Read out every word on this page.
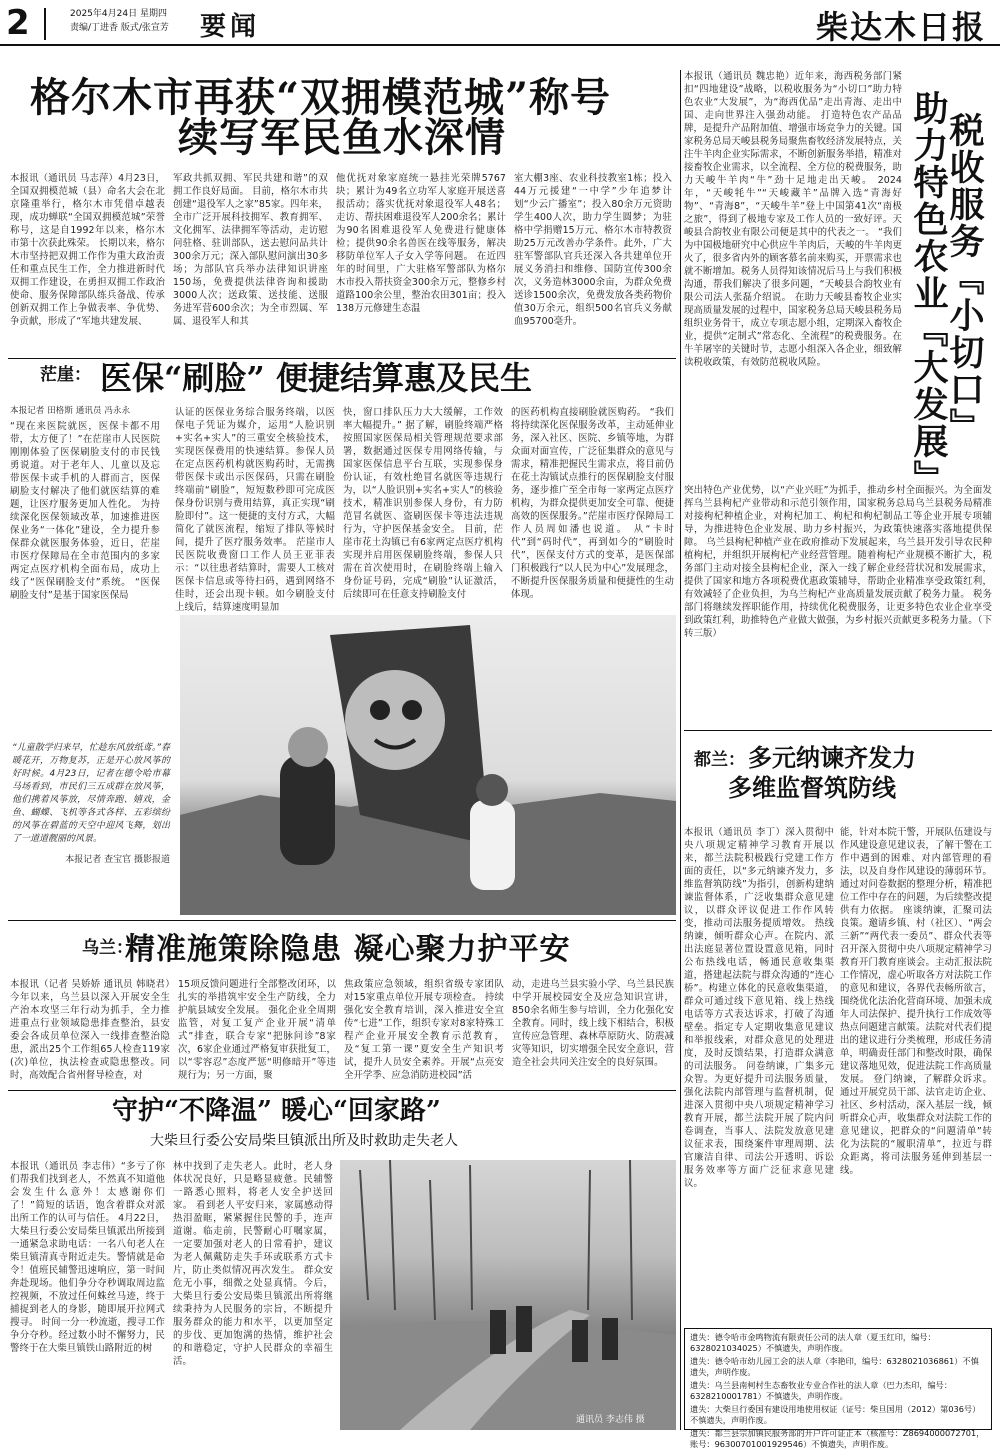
2	2025年4月24日 星期四
责编/丁进香 版式/张宣芳 要闻	柴达木日报
格尔木市再获“双拥模范城”称号
续写军民鱼水深情
本报讯（通讯员 马志萍）4月23日，全国双拥模范城（县）命名大会在北京隆重举行，格尔木市凭借卓越表现，成功蝉联“全国双拥模范城”荣誉称号，这是自1992年以来，格尔木市第十次获此殊荣。 长期以来，格尔木市坚持把双拥工作作为重大政治责任和重点民生工作，全力推进新时代双拥工作建设，在勇担双拥工作政治使命、服务保障部队练兵备战、传承创新双拥工作上争做表率、争优势、争贡献，形成了“军地共建发展、
军政共抓双拥、军民共建和谐”的双拥工作良好局面。 目前，格尔木市共创建“退役军人之家”85家。四年来，全市广泛开展科技拥军、教育拥军、文化拥军、法律拥军等活动，走访慰问驻格、驻训部队，送去慰问品共计300余万元；深入部队慰问演出30多场；为部队官兵举办法律知识讲座150场，免费提供法律咨询和援助3000人次；送政策、送技能、送服务进军营600余次；为全市烈属、军属、退役军人和其
他优抚对象家庭统一悬挂光荣牌5767块；累计为49名立功军人家庭开展送喜报活动；落实优抚对象退役军人48名；走访、帮扶困难退役军人200余名；累计为90名困难退役军人免费进行健康体检；提供90余名兽医在线等服务，解决移防单位军人子女入学等问题。 在近四年的时间里，广大驻格军警部队为格尔木市投入帮扶资金300余万元，整修乡村道路100余公里，整治农田301亩；投入138万元修建生态温
室大棚3座、农业科技教室1栋；投入44万元援建“一中学”少年追梦计划“少云广播室”；投入80余万元资助学生400人次，助力学生圆梦；为驻格中学捐赠15万元、格尔木市特教资助25万元改善办学条件。此外，广大驻军警部队官兵还深入各共建单位开展义务消扫和维修、国防宣传300余次，义务造林3000余亩，为群众免费送诊1500余次，免费发放各类药物价值30万余元，组织500名官兵义务献血95700毫升。
茫崖： 医保“刷脸” 便捷结算惠及民生
本报记者 田格斯 通讯员 冯永永
“现在来医院就医，医保卡都不用带，太方便了！”在茫崖市人民医院刚刚体验了医保刷脸支付的市民钱勇说道。对于老年人、儿童以及忘带医保卡或手机的人群而言，医保刷脸支付解决了他们就医结算的难题，让医疗服务更加人性化。 为持续深化医保领域改革，加速推进医保业务“一体化”建设，全力提升参保群众就医服务体验，近日，茫崖市医疗保障局在全市范围内的多家两定点医疗机构全面布局，成功上线了“医保刷脸支付”系统。 “医保刷脸支付”是基于国家医保局
认证的医保业务综合服务终端，以医保电子凭证为媒介，运用“人脸识别+实名+实人”的三重安全核验技术，实现医保费用的快速结算。参保人员在定点医药机构就医购药时，无需携带医保卡或出示医保码，只需在刷脸终端前“刷脸”，短短数秒即可完成医保身份识别与费用结算，真正实现“刷脸即付”。这一便捷的支付方式，大幅简化了就医流程，缩短了排队等候时间，提升了医疗服务效率。 茫崖市人民医院收费窗口工作人员王亚菲表示：“以往患者结算时，需要人工核对医保卡信息或等待扫码，遇到网络不佳时，还会出现卡顿。如今刷脸支付上线后，结算速度明显加
快，窗口排队压力大大缓解，工作效率大幅提升。” 据了解，刷脸终端严格按照国家医保局相关管理规范要求部署，数据通过医保专用网络传输，与国家医保信息平台互联，实现参保身份认证，有效杜绝冒名就医等违规行为，以“人脸识别+实名+实人”的核验技术，精准识别参保人身份，有力防范冒名就医、盗刷医保卡等违法违规行为，守护医保基金安全。 目前，茫崖市花土沟镇已有6家两定点医疗机构实现并启用医保刷脸终端，参保人只需在首次使用时，在刷脸终端上输入身份证号码，完成“刷脸”认证激活，后续即可在任意支持刷脸支付
的医药机构直接刷脸就医购药。 “我们将持续深化医保服务改革，主动延伸业务，深入社区、医院、乡镇等地，为群众面对面宣传，广泛征集群众的意见与需求，精准把握民生需求点，将目前仍在花土沟镇试点推行的医保刷脸支付服务，逐步推广至全市每一家两定点医疗机构，为群众提供更加安全可靠、便捷高效的医保服务。”茫崖市医疗保障局工作人员周如潘也说道。 从“卡时代”到“码时代”，再到如今的“刷脸时代”，医保支付方式的变革，是医保部门积极践行“以人民为中心”发展理念，不断提升医保服务质量和便捷性的生动体现。
“儿童散学归来早，忙趁东风放纸鸢。”春暖花开，万物复苏，正是开心放风筝的好时候。4月23日，记者在德令哈市幕马场看到，市民们三五成群在放风筝，他们携着风筝放，尽情奔跑、嬉戏，金鱼、蝴蝶、飞机等各式各样、五彩缤纷的风筝在碧蓝的天空中迎风飞舞，划出了一道道靓丽的风景。
本报记者 查宝官 摄影报道
乌兰：
精准施策除隐患 凝心聚力护平安
本报讯（记者 吴娇娇 通讯员 韩晓君）今年以来，乌兰县以深入开展安全生产治本攻坚三年行动为抓手，全力推进重点行业领域隐患排查整治，县安委会各成员单位深入一线排查整治隐患，派出25个工作组65人检查119家(次)单位，执法检查或隐患整改。同时，高效配合省州督导检查，对
15项反馈问题进行全部整改闭环，以扎实的举措筑牢安全生产防线，全力护航县域安全发展。 强化企业全周期监管，对复工复产企业开展“清单式”排查，联合专家“把脉问诊”8家次，6家企业通过严格复审获批复工，以“零容忍”态度严惩“明修暗开”等违规行为；另一方面，聚
焦政策应急领域，组织省级专家团队对15家重点单位开展专项检查。 持续强化安全教育培训，深入推进安全宣传“七进”工作，组织专家对8家特殊工程产企业开展安全教育示范教育，及“复工第一课”夏安全生产知识考试，提升人员安全素养。开展“点亮安全开学季、应急消防进校园”活
动，走进乌兰县实验小学、乌兰县民族中学开展校园安全及应急知识宣讲，850余名师生参与培训，全力化强化安全教育。同时，线上线下相结合，积极宣传应急管理、森林草原防火、防震减灾等知识，切实增强全民安全意识，营造全社会共同关注安全的良好氛围。
守护“不降温” 暖心“回家路”
大柴旦行委公安局柴旦镇派出所及时救助走失老人
本报讯（通讯员 李志伟）“多亏了你们帮我们找到老人，不然真不知道他会发生什么意外！太感谢你们了！”简短的话语，饱含着群众对派出所工作的认可与信任。 4月22日，大柴旦行委公安局柴旦镇派出所接到一通紧急求助电话：一名八旬老人在柴旦镇清真寺附近走失。警情就是命令！值班民辅警迅速响应，第一时间奔赴现场。他们争分夺秒调取周边监控视频，不放过任何蛛丝马迹，终于捕捉到老人的身影，随即展开拉网式搜寻。 时间一分一秒流逝，搜寻工作争分夺秒。经过数小时不懈努力，民警终于在大柴旦镇铁山路附近的树
林中找到了走失老人。此时，老人身体状况良好，只是略显疲惫。民辅警一路悉心照料，将老人安全护送回家。 看到老人平安归来，家属感动得热泪盈眶，紧紧握住民警的手，连声道谢。临走前，民警耐心叮嘱家属，一定要加强对老人的日常看护，建议为老人佩戴防走失手环或联系方式卡片，防止类似情况再次发生。 群众安危无小事，细微之处显真情。今后，大柴旦行委公安局柴旦镇派出所将继续秉持为人民服务的宗旨，不断提升服务群众的能力和水平，以更加坚定的步伐、更加饱满的热情，维护社会的和谐稳定，守护人民群众的幸福生活。
通讯员 李志伟 摄
税收服务『小切口』
助力特色农业『大发展』
本报讯（通讯员 魏忠艳）近年来，海西税务部门紧扣“四地建设”战略，以税收服务为“小切口”助力特色农业“大发展”，为“海西优品”走出青海、走出中国、走向世界注入强劲动能。 打造特色农产品品牌，是提升产品附加值、增强市场竞争力的关键。国家税务总局天峻县税务局聚焦畜牧经济发展特点，关注牛羊肉企业实际需求，不断创新服务举措，精准对接畜牧企业需求，以全流程、全方位的税费服务，助力天峻牛羊肉“牛”劲十足地走出天峻。 2024年，“天峻牦牛”“天峻藏羊”品牌入选“青海好物”、“青海8”，“天峻牛羊”登上中国第41次“南极之旅”，得到了极地专家及工作人员的一致好评。天峻县合韵牧业有限公司便是其中的代表之一。 “我们为中国极地研究中心供应牛羊肉后，天峻的牛羊肉更火了，很多省内外的顾客慕名前来购买，开票需求也就不断增加。税务人员得知该情况后马上与我们积极沟通，帮我们解决了很多问题，“天峻县合韵牧业有限公司法人张磊介绍说。 在助力天峻县畜牧企业实现高质量发展的过程中，国家税务总局天峻县税务局组织业务骨干，成立专项志愿小组，定期深入畜牧企业，提供“定制式”常态化、全流程”的税费服务。在牛羊屠宰的关键时节，志愿小组深入各企业，细致解读税收政策，有效防范税收风险。
突出特色产业优势，以“产业兴旺”为抓手，推动乡村全面振兴。为全面发挥乌兰县枸杞产业带动和示范引领作用，国家税务总局乌兰县税务局精准对接枸杞种植企业，对枸杞加工、枸杞和枸杞制品工等企业开展专项辅导，为推进特色企业发展、助力乡村振兴，为政策快速落实落地提供保障。 乌兰县枸杞种植产业在政府推动下发展起来，乌兰县开发引导农民种植枸杞，并组织开展枸杞产业经营管理。随着枸杞产业规模不断扩大，税务部门主动对接全县枸杞企业，深入一线了解企业经营状况和发展需求，提供了国家和地方各项税费优惠政策辅导，帮助企业精准享受政策红利，有效减轻了企业负担，为乌兰枸杞产业高质量发展贡献了税务力量。 税务部门将继续发挥职能作用，持续优化税费服务，让更多特色农业企业享受到政策红利，助推特色产业做大做强，为乡村振兴贡献更多税务力量。（下转三版）
都兰： 多元纳谏齐发力
多维监督筑防线
本报讯（通讯员 李丁）深入贯彻中央八项规定精神学习教育开展以来，都兰法院积极践行党建工作方面的责任，以“多元纳谏齐发力，多维监督筑防线”为指引，创新构建纳谏监督体系，广泛收集群众意见建议，以群众评议促进工作作风转变，推动司法服务提质增效。 热线纳谏，倾听群众心声。在院内、派出法庭显著位置设置意见箱，同时公布热线电话，畅通民意收集渠道，搭建起法院与群众沟通的“连心桥”。构建立体化的民意收集渠道，群众可通过线下意见箱、线上热线电话等方式表达诉求，打破了沟通壁垒。指定专人定期收集意见建议和举报线索，对群众意见的处理进度，及时反馈结果，打造群众满意的司法服务。 问卷纳谏，广集多元众智。为更好提升司法服务质量，强化法院内部管理与监督机制，促进深入贯彻中央八项规定精神学习教育开展，都兰法院开展了院内问卷调查，当事人、法院发放意见建议征求表，围绕案件审理周期、法官廉洁自律、司法公开透明、诉讼服务效率等方面广泛征求意见建议。
能，针对本院干警，开展队伍建设与作风建设意见建议表，了解干警在工作中遇到的困难、对内部管理的看法，以及自身作风建设的薄弱环节。通过对问卷数据的整理分析，精准把位工作中存在的问题，为后续整改提供有力依据。 座谈纳谏，汇聚司法良策。邀请乡镇、村（社区）、“两会三新”“两代表一委员”、群众代表等召开深入贯彻中央八项规定精神学习教育开门教育座谈会。主动汇报法院工作情况，虚心听取各方对法院工作的意见和建议，各界代表畅所欲言，围绕优化法治化营商环境、加强未成年人司法保护、提升执行工作成效等热点问题建言献策。法院对代表们提出的建议进行分类梳理，形成任务清单，明确责任部门和整改时限，确保建议落地见效，促进法院工作高质量发展。 登门纳谏，了解群众诉求。通过开展党员干部、法官走访企业、社区、乡村活动，深入基层一线，倾听群众心声，收集群众对法院工作的意见建议，把群众的“问题清单”转化为法院的“履职清单”，拉近与群众距离，将司法服务延伸到基层一线。

遗失：德令哈市金鸣物流有限责任公司的法人章（夏玉红印，编号：6328021034025）不慎遗失，声明作废。

遗失：德令哈市幼儿园工会的法人章（李艳印，编号：6328021036861）不慎遗失，声明作废。

遗失：乌兰县南柯村生态畜牧业专业合作社的法人章（巴力杰印，编号：6328210001781）不慎遗失，声明作废。

遗失：大柴旦行委国有建设用地使用权证（证号：柴旦国用（2012）第036号）不慎遗失，声明作废。

遗失：都兰县宗加镇民服务部的开户许可证正本（核准号：Z8694000072701，账号：96300701001929546）不慎遗失，声明作废。
